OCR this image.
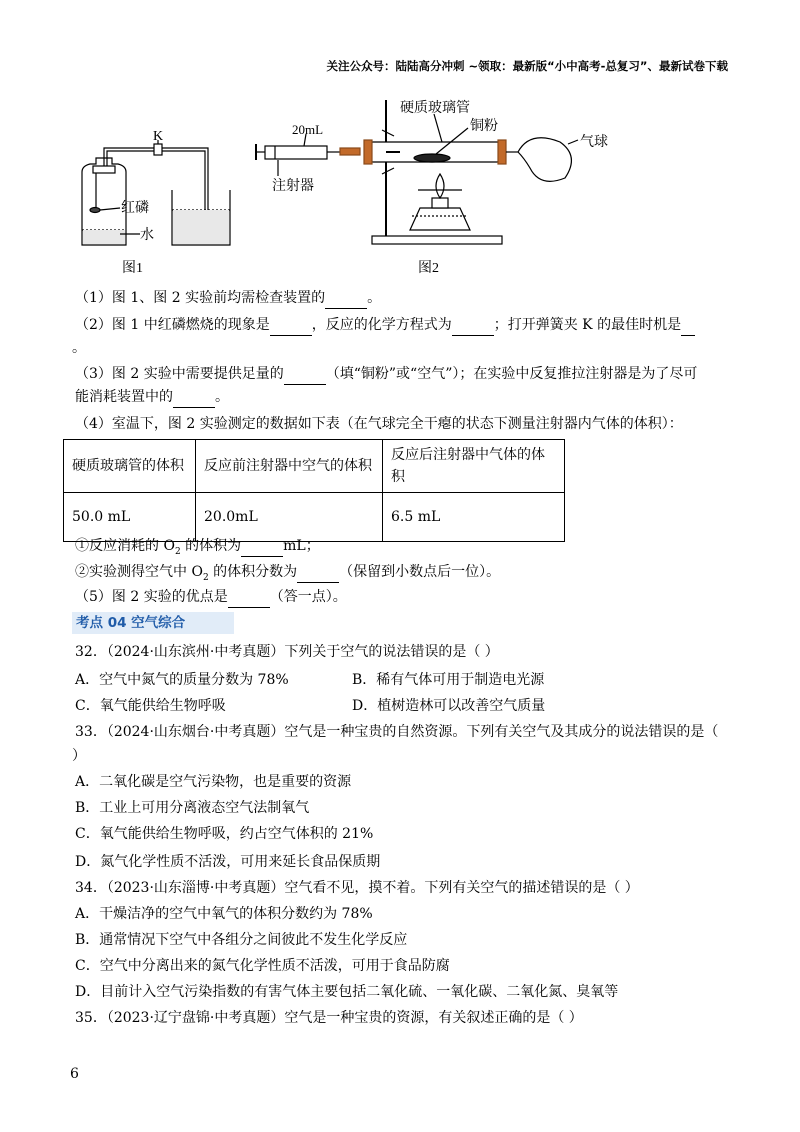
关注公众号：陆陆高分冲刺 ~领取：最新版“小中高考-总复习”、最新试卷下载
K
红磷
水
图1
硬质玻璃管
铜粉
20mL
气球
注射器
图2
（1）图 1、图 2 实验前均需检查装置的	。
（2）图 1 中红磷燃烧的现象是	，反应的化学方程式为	；打开弹簧夹 K 的最佳时机是
。
（3）图 2 实验中需要提供足量的	（填“铜粉”或“空气”）；在实验中反复推拉注射器是为了尽可
能消耗装置中的	。
（4）室温下，图 2 实验测定的数据如下表（在气球完全干瘪的状态下测量注射器内气体的体积）：
硬质玻璃管的体积	反应前注射器中空气的体积	反应后注射器中气体的体积
50.0 mL	20.0mL	6.5 mL
①反应消耗的 $O_2$ 的体积为	mL；
②实验测得空气中 $O_2$ 的体积分数为	（保留到小数点后一位）。
（5）图 2 实验的优点是	（答一点）。
考点 04 空气综合
32．（2024·山东滨州·中考真题）下列关于空气的说法错误的是（ ）
A．空气中氮气的质量分数为 78%	B．稀有气体可用于制造电光源
C．氧气能供给生物呼吸	D．植树造林可以改善空气质量
33．（2024·山东烟台·中考真题）空气是一种宝贵的自然资源。下列有关空气及其成分的说法错误的是（
）
A．二氧化碳是空气污染物，也是重要的资源
B．工业上可用分离液态空气法制氧气
C．氧气能供给生物呼吸，约占空气体积的 21%
D．氮气化学性质不活泼，可用来延长食品保质期
34．（2023·山东淄博·中考真题）空气看不见，摸不着。下列有关空气的描述错误的是（ ）
A．干燥洁净的空气中氧气的体积分数约为 78%
B．通常情况下空气中各组分之间彼此不发生化学反应
C．空气中分离出来的氮气化学性质不活泼，可用于食品防腐
D．目前计入空气污染指数的有害气体主要包括二氧化硫、一氧化碳、二氧化氮、臭氧等
35．（2023·辽宁盘锦·中考真题）空气是一种宝贵的资源，有关叙述正确的是（ ）
6
